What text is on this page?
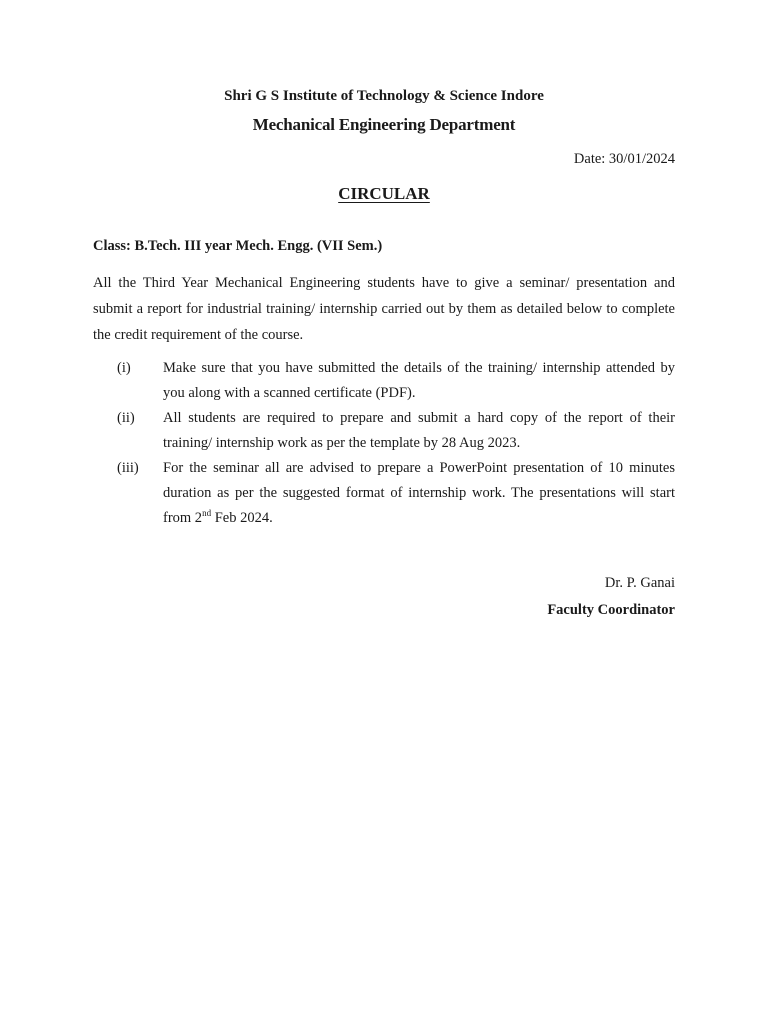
Shri G S Institute of Technology & Science Indore
Mechanical Engineering Department
Date: 30/01/2024
CIRCULAR
Class: B.Tech. III year Mech. Engg. (VII Sem.)
All the Third Year Mechanical Engineering students have to give a seminar/ presentation and submit a report for industrial training/ internship carried out by them as detailed below to complete the credit requirement of the course.
(i) Make sure that you have submitted the details of the training/ internship attended by you along with a scanned certificate (PDF).
(ii) All students are required to prepare and submit a hard copy of the report of their training/ internship work as per the template by 28 Aug 2023.
(iii) For the seminar all are advised to prepare a PowerPoint presentation of 10 minutes duration as per the suggested format of internship work. The presentations will start from 2nd Feb 2024.
Dr. P. Ganai
Faculty Coordinator
